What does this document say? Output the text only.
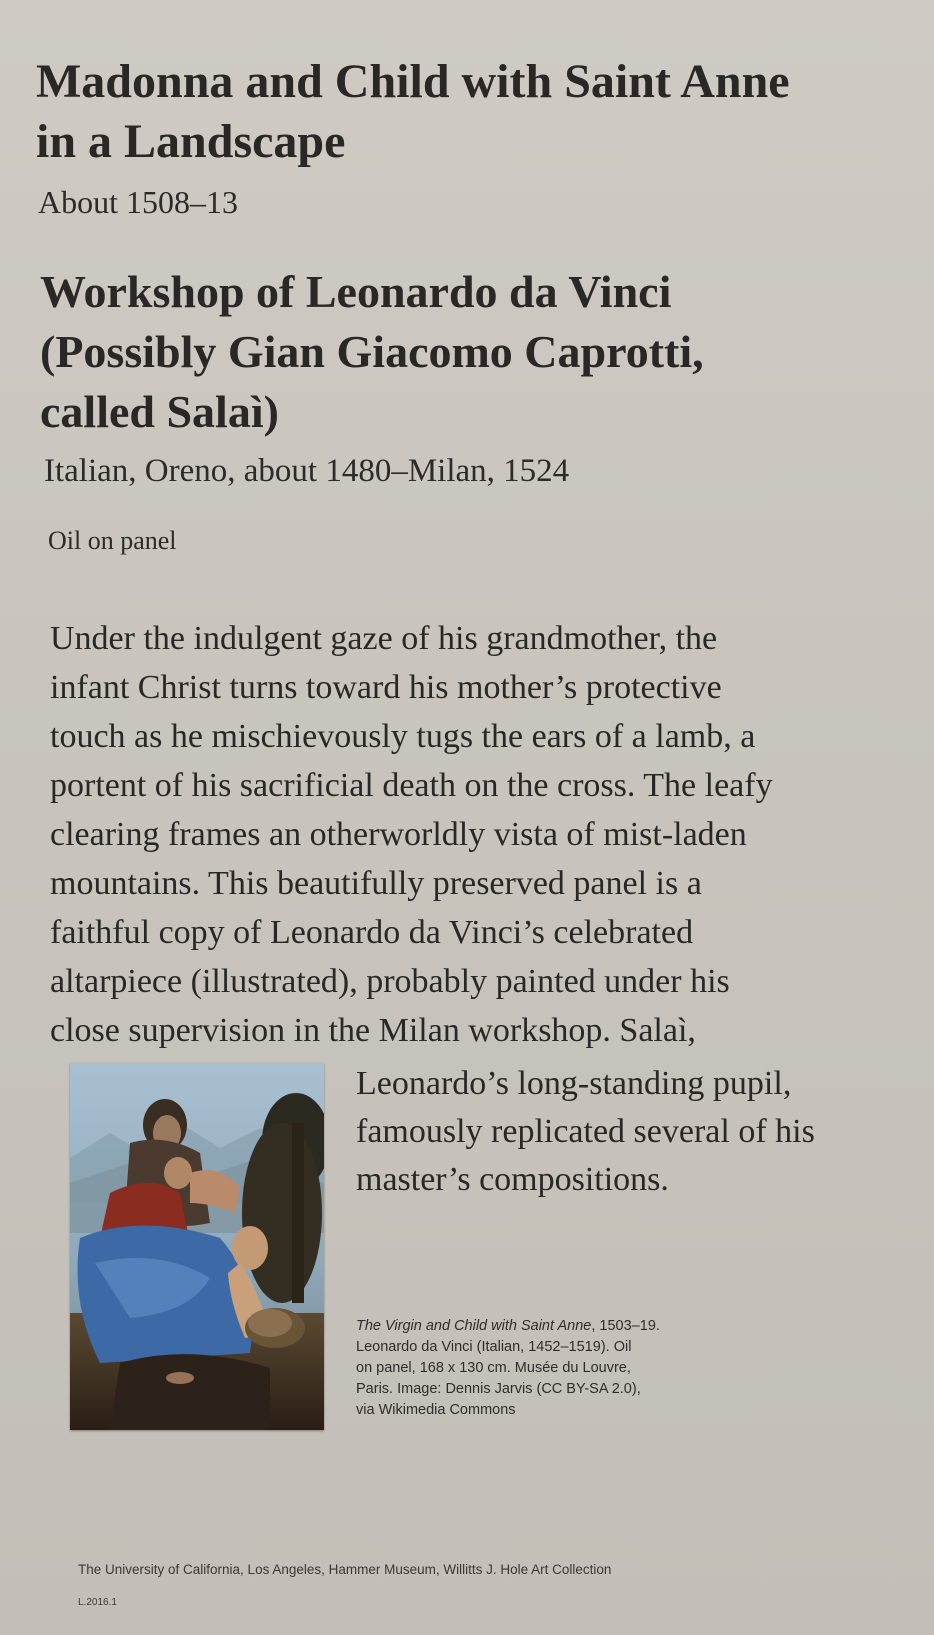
Madonna and Child with Saint Anne
in a Landscape
About 1508–13
Workshop of Leonardo da Vinci
(Possibly Gian Giacomo Caprotti,
called Salaì)
Italian, Oreno, about 1480–Milan, 1524
Oil on panel

Under the indulgent gaze of his grandmother, the
infant Christ turns toward his mother’s protective
touch as he mischievously tugs the ears of a lamb, a
portent of his sacrificial death on the cross. The leafy
clearing frames an otherworldly vista of mist-laden
mountains. This beautifully preserved panel is a
faithful copy of Leonardo da Vinci’s celebrated
altarpiece (illustrated), probably painted under his
close supervision in the Milan workshop. Salaì,

Leonardo’s long-standing pupil,
famously replicated several of his
master’s compositions.

The Virgin and Child with Saint Anne, 1503–19.
Leonardo da Vinci (Italian, 1452–1519). Oil
on panel, 168 x 130 cm. Musée du Louvre,
Paris. Image: Dennis Jarvis (CC BY-SA 2.0),
via Wikimedia Commons
The University of California, Los Angeles, Hammer Museum, Willitts J. Hole Art Collection
L.2016.1
